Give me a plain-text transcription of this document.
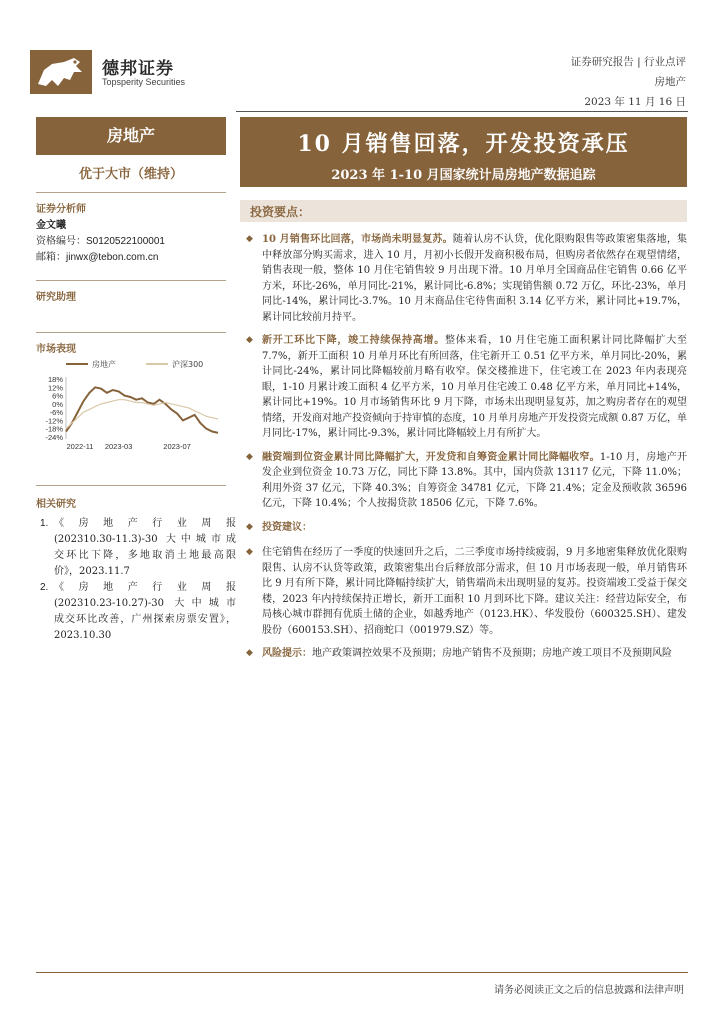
德邦证券
Topsperity Securities
证券研究报告 | 行业点评
房地产
2023 年 11 月 16 日
房地产
优于大市（维持）
证券分析师
金文曦
资格编号：S0120522100001
邮箱：jinwx@tebon.com.cn
研究助理
市场表现
房地产	沪深300
18%
12%
6%
0%
-6%
-12%
-18%
-24%
2022-11 2023-03	2023-07
相关研究
1. 《 房 地 产 行 业 周 报
(202310.30-11.3)-30 大中城市成
交环比下降，多地取消土地最高限
价》，2023.11.7
2. 《 房 地 产 行 业 周 报
(202310.23-10.27)-30 大中城市
成交环比改善，广州探索房票安置》，
2023.10.30
10 月销售回落，开发投资承压
2023 年 1-10 月国家统计局房地产数据追踪
投资要点：
◆ 10 月销售环比回落，市场尚未明显复苏。随着认房不认贷，优化限购限售等政策密集落地，集中释放部分购买需求，进入 10 月，月初小长假开发商积极布局，但购房者依然存在观望情绪，销售表现一般，整体 10 月住宅销售较 9 月出现下滑。10 月单月全国商品住宅销售 0.66 亿平方米，环比-26%，单月同比-21%，累计同比-6.8%；实现销售额 0.72 万亿，环比-23%，单月同比-14%，累计同比-3.7%。10 月末商品住宅待售面积 3.14 亿平方米，累计同比+19.7%，累计同比较前月持平。
◆ 新开工环比下降，竣工持续保持高增。整体来看，10 月住宅施工面积累计同比降幅扩大至 7.7%，新开工面积 10 月单月环比有所回落，住宅新开工 0.51 亿平方米，单月同比-20%，累计同比-24%，累计同比降幅较前月略有收窄。保交楼推进下，住宅竣工在 2023 年内表现亮眼，1-10 月累计竣工面积 4 亿平方米，10 月单月住宅竣工 0.48 亿平方米，单月同比+14%，累计同比+19%。10 月市场销售环比 9 月下降，市场未出现明显复苏，加之购房者存在的观望情绪，开发商对地产投资倾向于持审慎的态度，10 月单月房地产开发投资完成额 0.87 万亿，单月同比-17%，累计同比-9.3%，累计同比降幅较上月有所扩大。
◆ 融资端到位资金累计同比降幅扩大，开发贷和自筹资金累计同比降幅收窄。1-10 月，房地产开发企业到位资金 10.73 万亿，同比下降 13.8%。其中，国内贷款 13117 亿元，下降 11.0%；利用外资 37 亿元，下降 40.3%；自筹资金 34781 亿元，下降 21.4%；定金及预收款 36596 亿元，下降 10.4%；个人按揭贷款 18506 亿元，下降 7.6%。
◆ 投资建议：
◆ 住宅销售在经历了一季度的快速回升之后，二三季度市场持续疲弱，9 月多地密集释放优化限购限售、认房不认贷等政策，政策密集出台后释放部分需求，但 10 月市场表现一般，单月销售环比 9 月有所下降，累计同比降幅持续扩大，销售端尚未出现明显的复苏。投资端竣工受益于保交楼，2023 年内持续保持正增长，新开工面积 10 月到环比下降。建议关注：经营边际安全，布局核心城市群拥有优质土储的企业，如越秀地产（0123.HK）、华发股份（600325.SH）、建发股份（600153.SH）、招商蛇口（001979.SZ）等。
◆ 风险提示：地产政策调控效果不及预期；房地产销售不及预期；房地产竣工项目不及预期风险
请务必阅读正文之后的信息披露和法律声明
